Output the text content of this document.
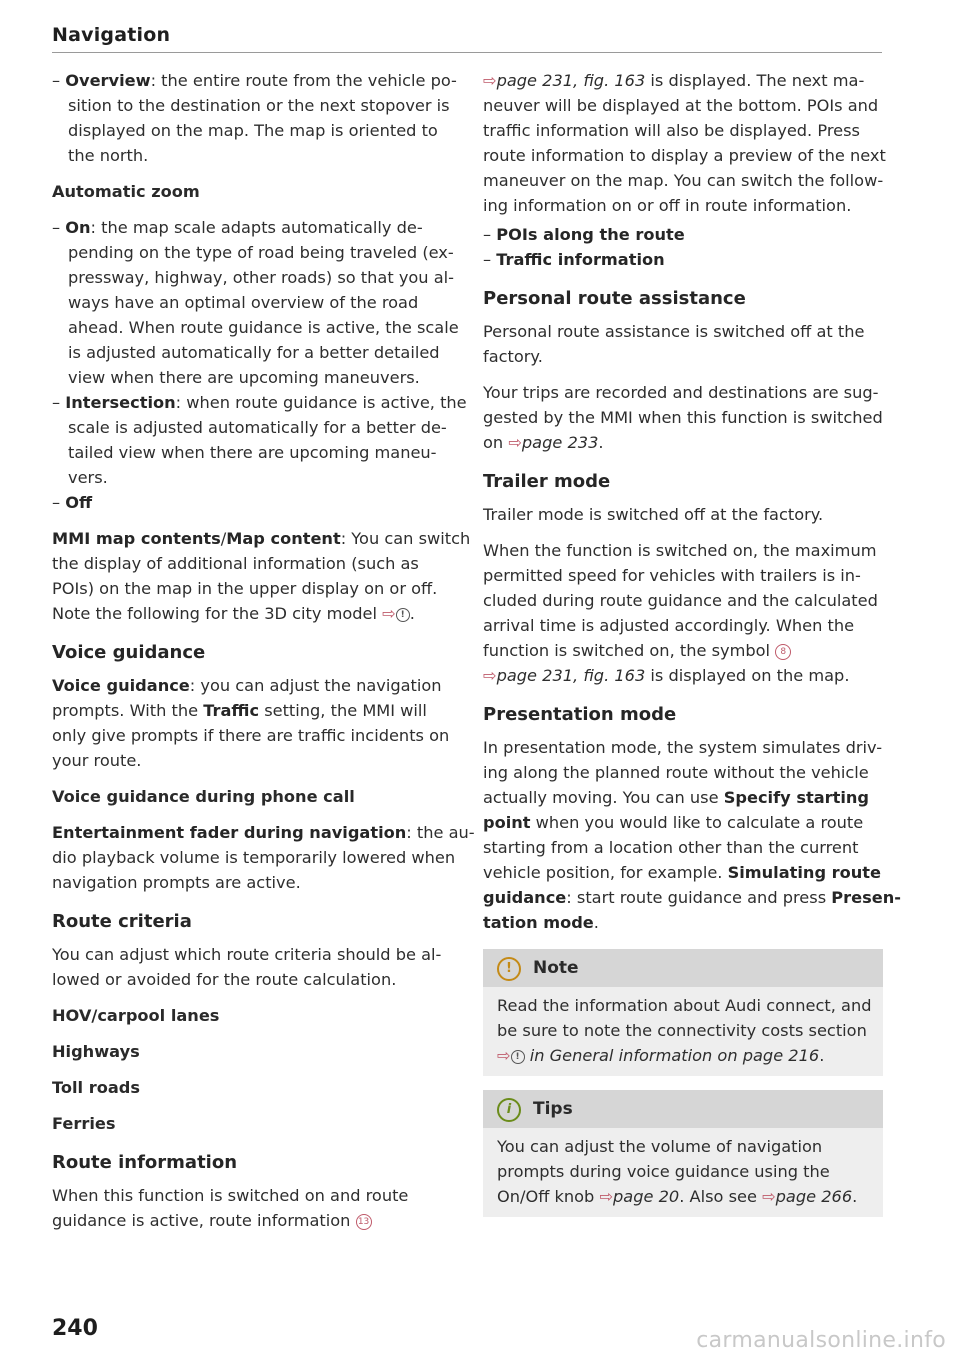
Navigation
– Overview: the entire route from the vehicle po-
sition to the destination or the next stopover is
displayed on the map. The map is oriented to
the north.
Automatic zoom
– On: the map scale adapts automatically de-
pending on the type of road being traveled (ex-
pressway, highway, other roads) so that you al-
ways have an optimal overview of the road
ahead. When route guidance is active, the scale
is adjusted automatically for a better detailed
view when there are upcoming maneuvers.
– Intersection: when route guidance is active, the
scale is adjusted automatically for a better de-
tailed view when there are upcoming maneu-
vers.
– Off
MMI map contents/Map content: You can switch
the display of additional information (such as
POIs) on the map in the upper display on or off.
Note the following for the 3D city model ⇨ ! .
Voice guidance
Voice guidance: you can adjust the navigation
prompts. With the Traffic setting, the MMI will
only give prompts if there are traffic incidents on
your route.
Voice guidance during phone call
Entertainment fader during navigation: the au-
dio playback volume is temporarily lowered when
navigation prompts are active.
Route criteria
You can adjust which route criteria should be al-
lowed or avoided for the route calculation.
HOV/carpool lanes
Highways
Toll roads
Ferries
Route information
When this function is switched on and route
guidance is active, route information 13
⇨page 231, fig. 163 is displayed. The next ma-
neuver will be displayed at the bottom. POIs and
traffic information will also be displayed. Press
route information to display a preview of the next
maneuver on the map. You can switch the follow-
ing information on or off in route information.
– POIs along the route
– Traffic information
Personal route assistance
Personal route assistance is switched off at the
factory.
Your trips are recorded and destinations are sug-
gested by the MMI when this function is switched
on ⇨page 233.
Trailer mode
Trailer mode is switched off at the factory.
When the function is switched on, the maximum
permitted speed for vehicles with trailers is in-
cluded during route guidance and the calculated
arrival time is adjusted accordingly. When the
function is switched on, the symbol 8
⇨page 231, fig. 163 is displayed on the map.
Presentation mode
In presentation mode, the system simulates driv-
ing along the planned route without the vehicle
actually moving. You can use Specify starting
point when you would like to calculate a route
starting from a location other than the current
vehicle position, for example. Simulating route
guidance: start route guidance and press Presen-
tation mode.
! Note
Read the information about Audi connect, and
be sure to note the connectivity costs section
⇨ ! in General information on page 216.
i Tips
You can adjust the volume of navigation
prompts during voice guidance using the
On/Off knob ⇨page 20. Also see ⇨page 266.
240	carmanualsonline.info
